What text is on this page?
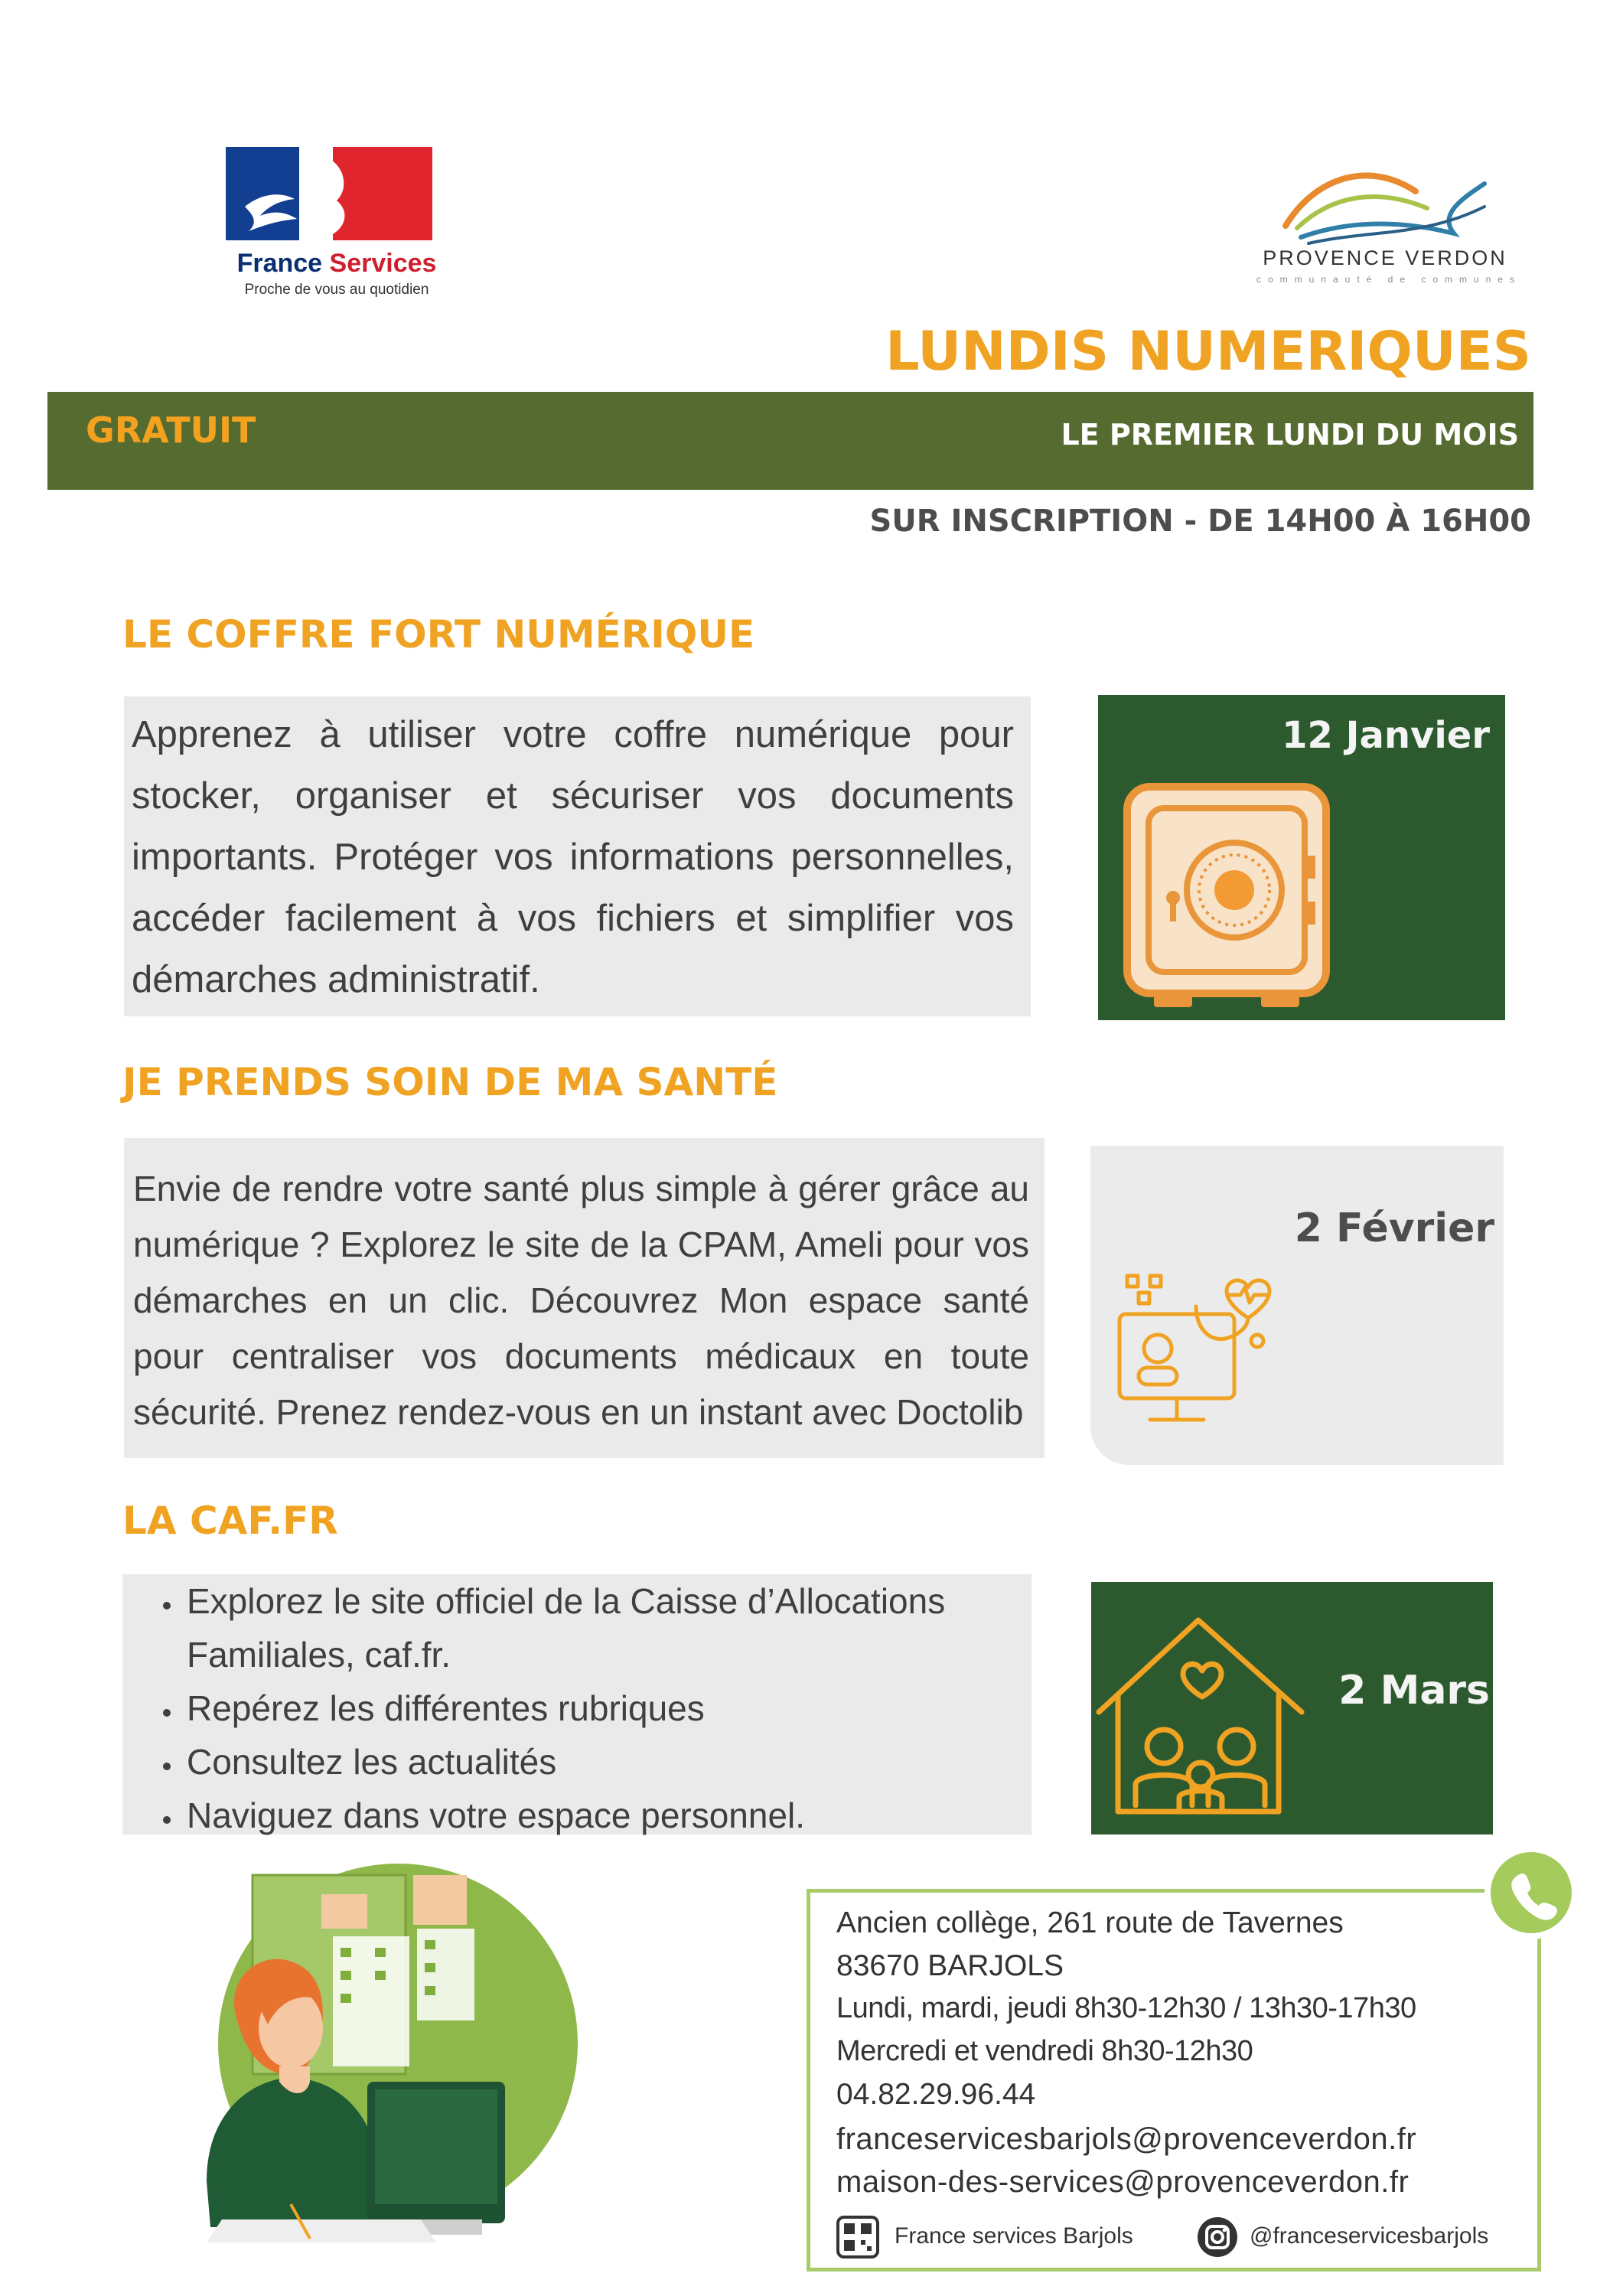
France Services
Proche de vous au quotidien
PROVENCE VERDON
communauté de communes
LUNDIS NUMERIQUES
GRATUIT	LE PREMIER LUNDI DU MOIS
SUR INSCRIPTION - DE 14H00 À 16H00
LE COFFRE FORT NUMÉRIQUE

Apprenez à utiliser votre coffre numérique pour stocker, organiser et sécuriser vos documents importants. Protéger vos informations personnelles, accéder facilement à vos fichiers et simplifier vos démarches administratif.

12 Janvier
JE PRENDS SOIN DE MA SANTÉ

Envie de rendre votre santé plus simple à gérer grâce au numérique ? Explorez le site de la CPAM, Ameli pour vos démarches en un clic. Découvrez Mon espace santé pour centraliser vos documents médicaux en toute sécurité. Prenez rendez-vous en un instant avec Doctolib

2 Février
LA CAF.FR
• Explorez le site officiel de la Caisse d’Allocations Familiales, caf.fr.
• Repérez les différentes rubriques
• Consultez les actualités
• Naviguez dans votre espace personnel.
2 Mars
Ancien collège, 261 route de Tavernes
83670 BARJOLS
Lundi, mardi, jeudi 8h30-12h30 / 13h30-17h30
Mercredi et vendredi 8h30-12h30
04.82.29.96.44
franceservicesbarjols@provenceverdon.fr
maison-des-services@provenceverdon.fr
France services Barjols	@franceservicesbarjols
